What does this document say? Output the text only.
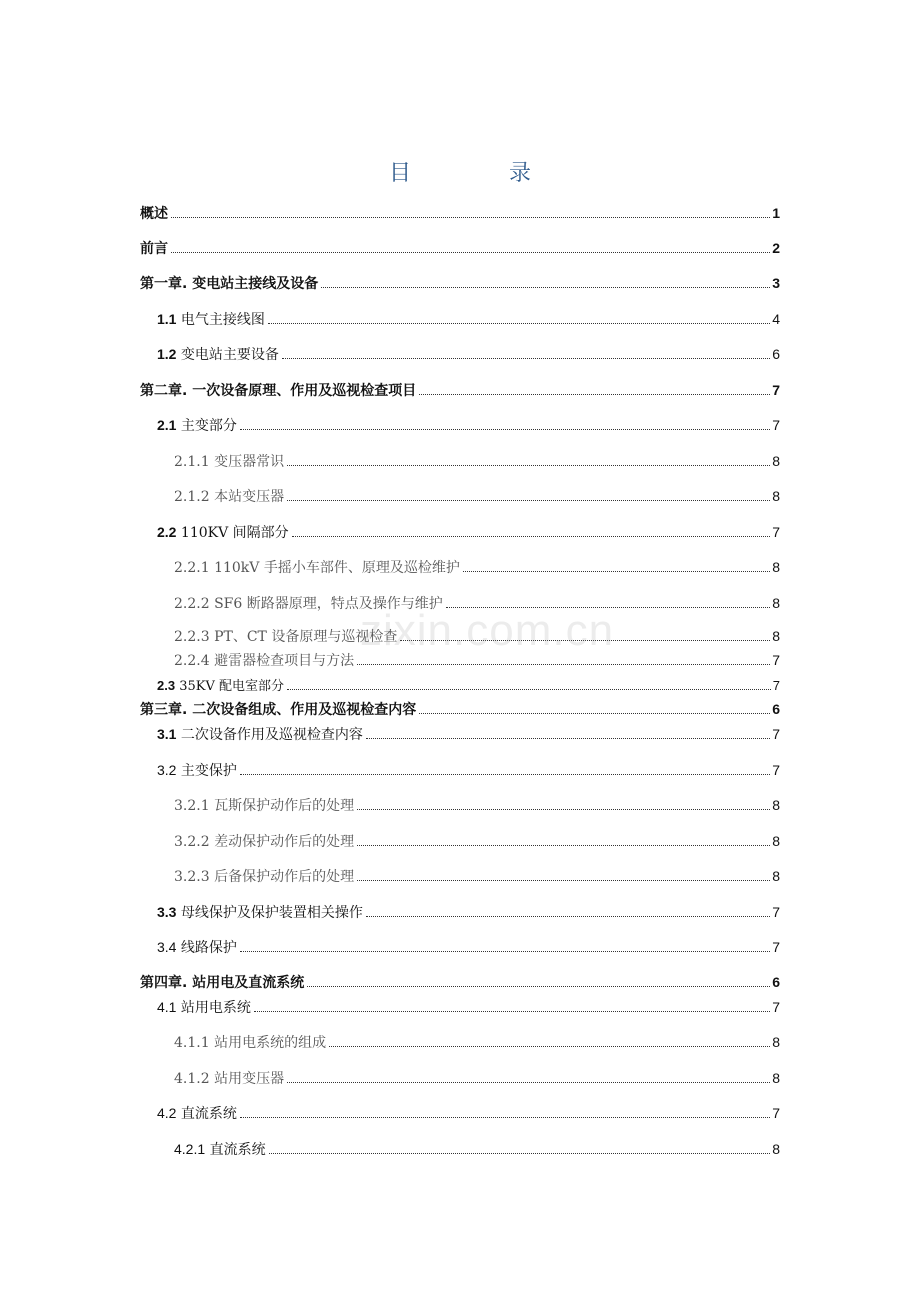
目　录
概述	1
前言	2
第一章. 变电站主接线及设备	3
1.1 电气主接线图	4
1.2 变电站主要设备	6
第二章. 一次设备原理、作用及巡视检查项目	7
2.1 主变部分	7
2.1.1 变压器常识	8
2.1.2 本站变压器	8
2.2 110KV 间隔部分	7
2.2.1 110kV 手摇小车部件、原理及巡检维护	8
2.2.2 SF6 断路器原理，特点及操作与维护	8
2.2.3 PT、CT 设备原理与巡视检查	8
2.2.4 避雷器检查项目与方法	7
2.3 35KV 配电室部分	7
第三章. 二次设备组成、作用及巡视检查内容	6
3.1 二次设备作用及巡视检查内容	7
3.2 主变保护	7
3.2.1 瓦斯保护动作后的处理	8
3.2.2 差动保护动作后的处理	8
3.2.3 后备保护动作后的处理	8
3.3 母线保护及保护装置相关操作	7
3.4 线路保护	7
第四章. 站用电及直流系统	6
4.1 站用电系统	7
4.1.1 站用电系统的组成	8
4.1.2 站用变压器	8
4.2 直流系统	7
4.2.1 直流系统	8
zixin.com.cn
